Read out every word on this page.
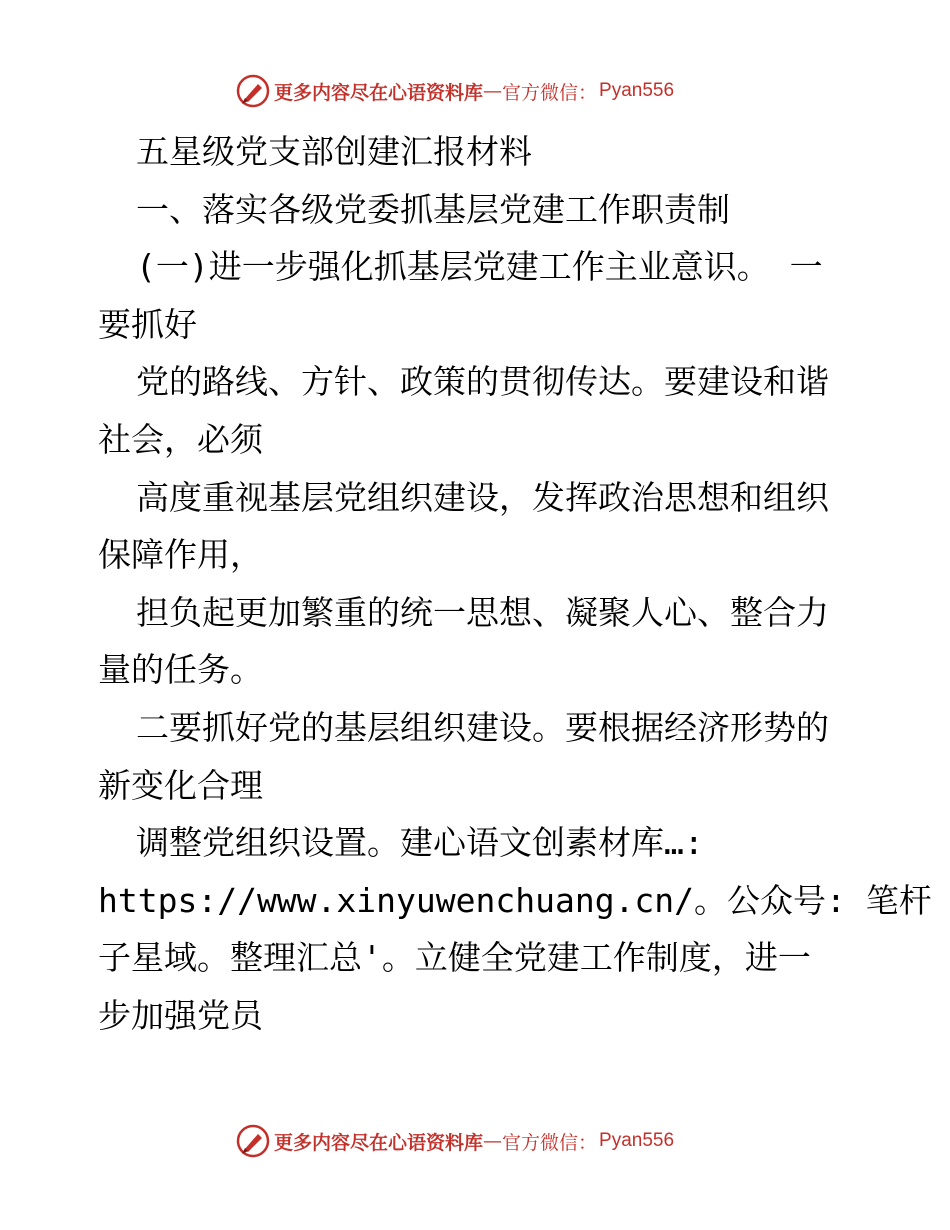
更多内容尽在心语资料库 — 官方微信： Pyan556
五星级党支部创建汇报材料
一、落实各级党委抓基层党建工作职责制
(一)进一步强化抓基层党建工作主业意识。 一
要抓好
党的路线、方针、政策的贯彻传达。要建设和谐
社会，必须
高度重视基层党组织建设，发挥政治思想和组织
保障作用，
担负起更加繁重的统一思想、凝聚人心、整合力
量的任务。
二要抓好党的基层组织建设。要根据经济形势的
新变化合理
调整党组织设置。建心语文创素材库…:
https://www.xinyuwenchuang.cn/。公众号: 笔杆
子星域。整理汇总'。立健全党建工作制度，进一
步加强党员
更多内容尽在心语资料库 — 官方微信： Pyan556
